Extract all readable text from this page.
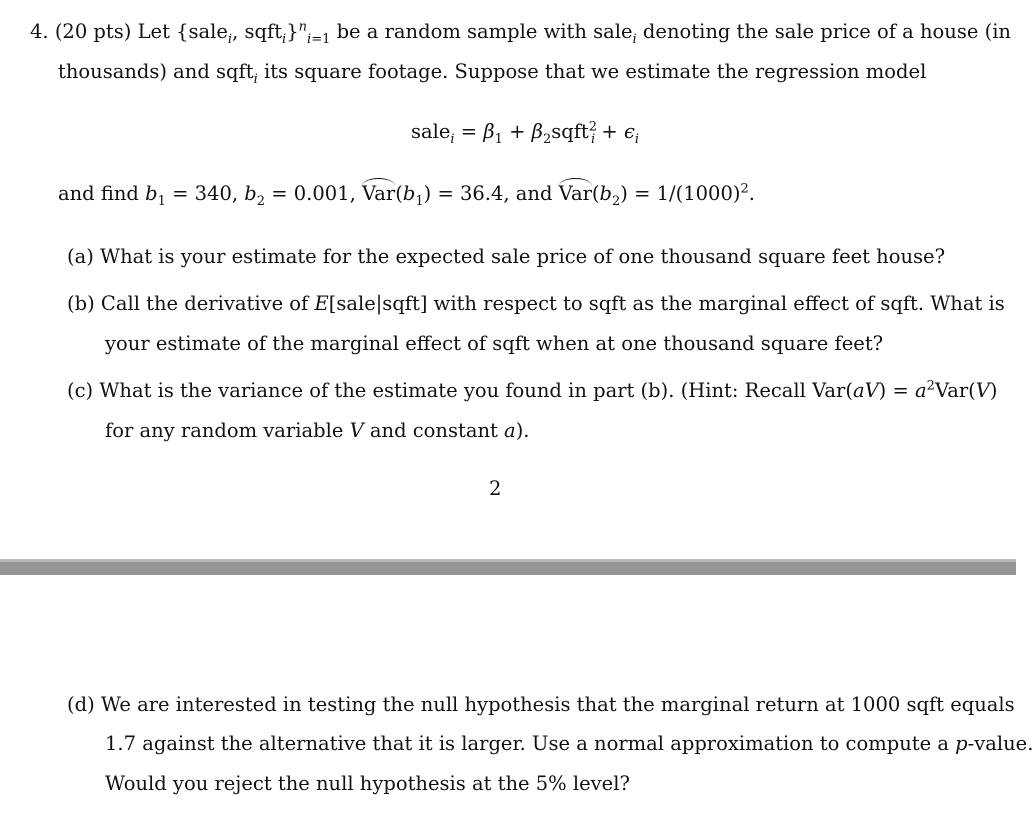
4. (20 pts) Let {sale$_i$, sqft$_i$}$^n_{i=1}$ be a random sample with sale$_i$ denoting the sale price of a house (in
thousands) and sqft$_i$ its square footage. Suppose that we estimate the regression model
sale$_i$ = $\beta_1$ + $\beta_2sqft^2_i + \epsilon_i$
and find $b_1 = 340$, $b_2 = 0.001$, $Var(b_1) = 36.4$, and $Var(b_2) = 1/(1000)^2$.
(a) What is your estimate for the expected sale price of one thousand square feet house?
(b) Call the derivative of E[sale|sqft] with respect to sqft as the marginal effect of sqft. What is
your estimate of the marginal effect of sqft when at one thousand square feet?
(c) What is the variance of the estimate you found in part (b). (Hint: Recall $Var(aV) = a^2Var(V)$
for any random variable V and constant a).
2
(d) We are interested in testing the null hypothesis that the marginal return at 1000 sqft equals
1.7 against the alternative that it is larger. Use a normal approximation to compute a p-value.
Would you reject the null hypothesis at the 5% level?
